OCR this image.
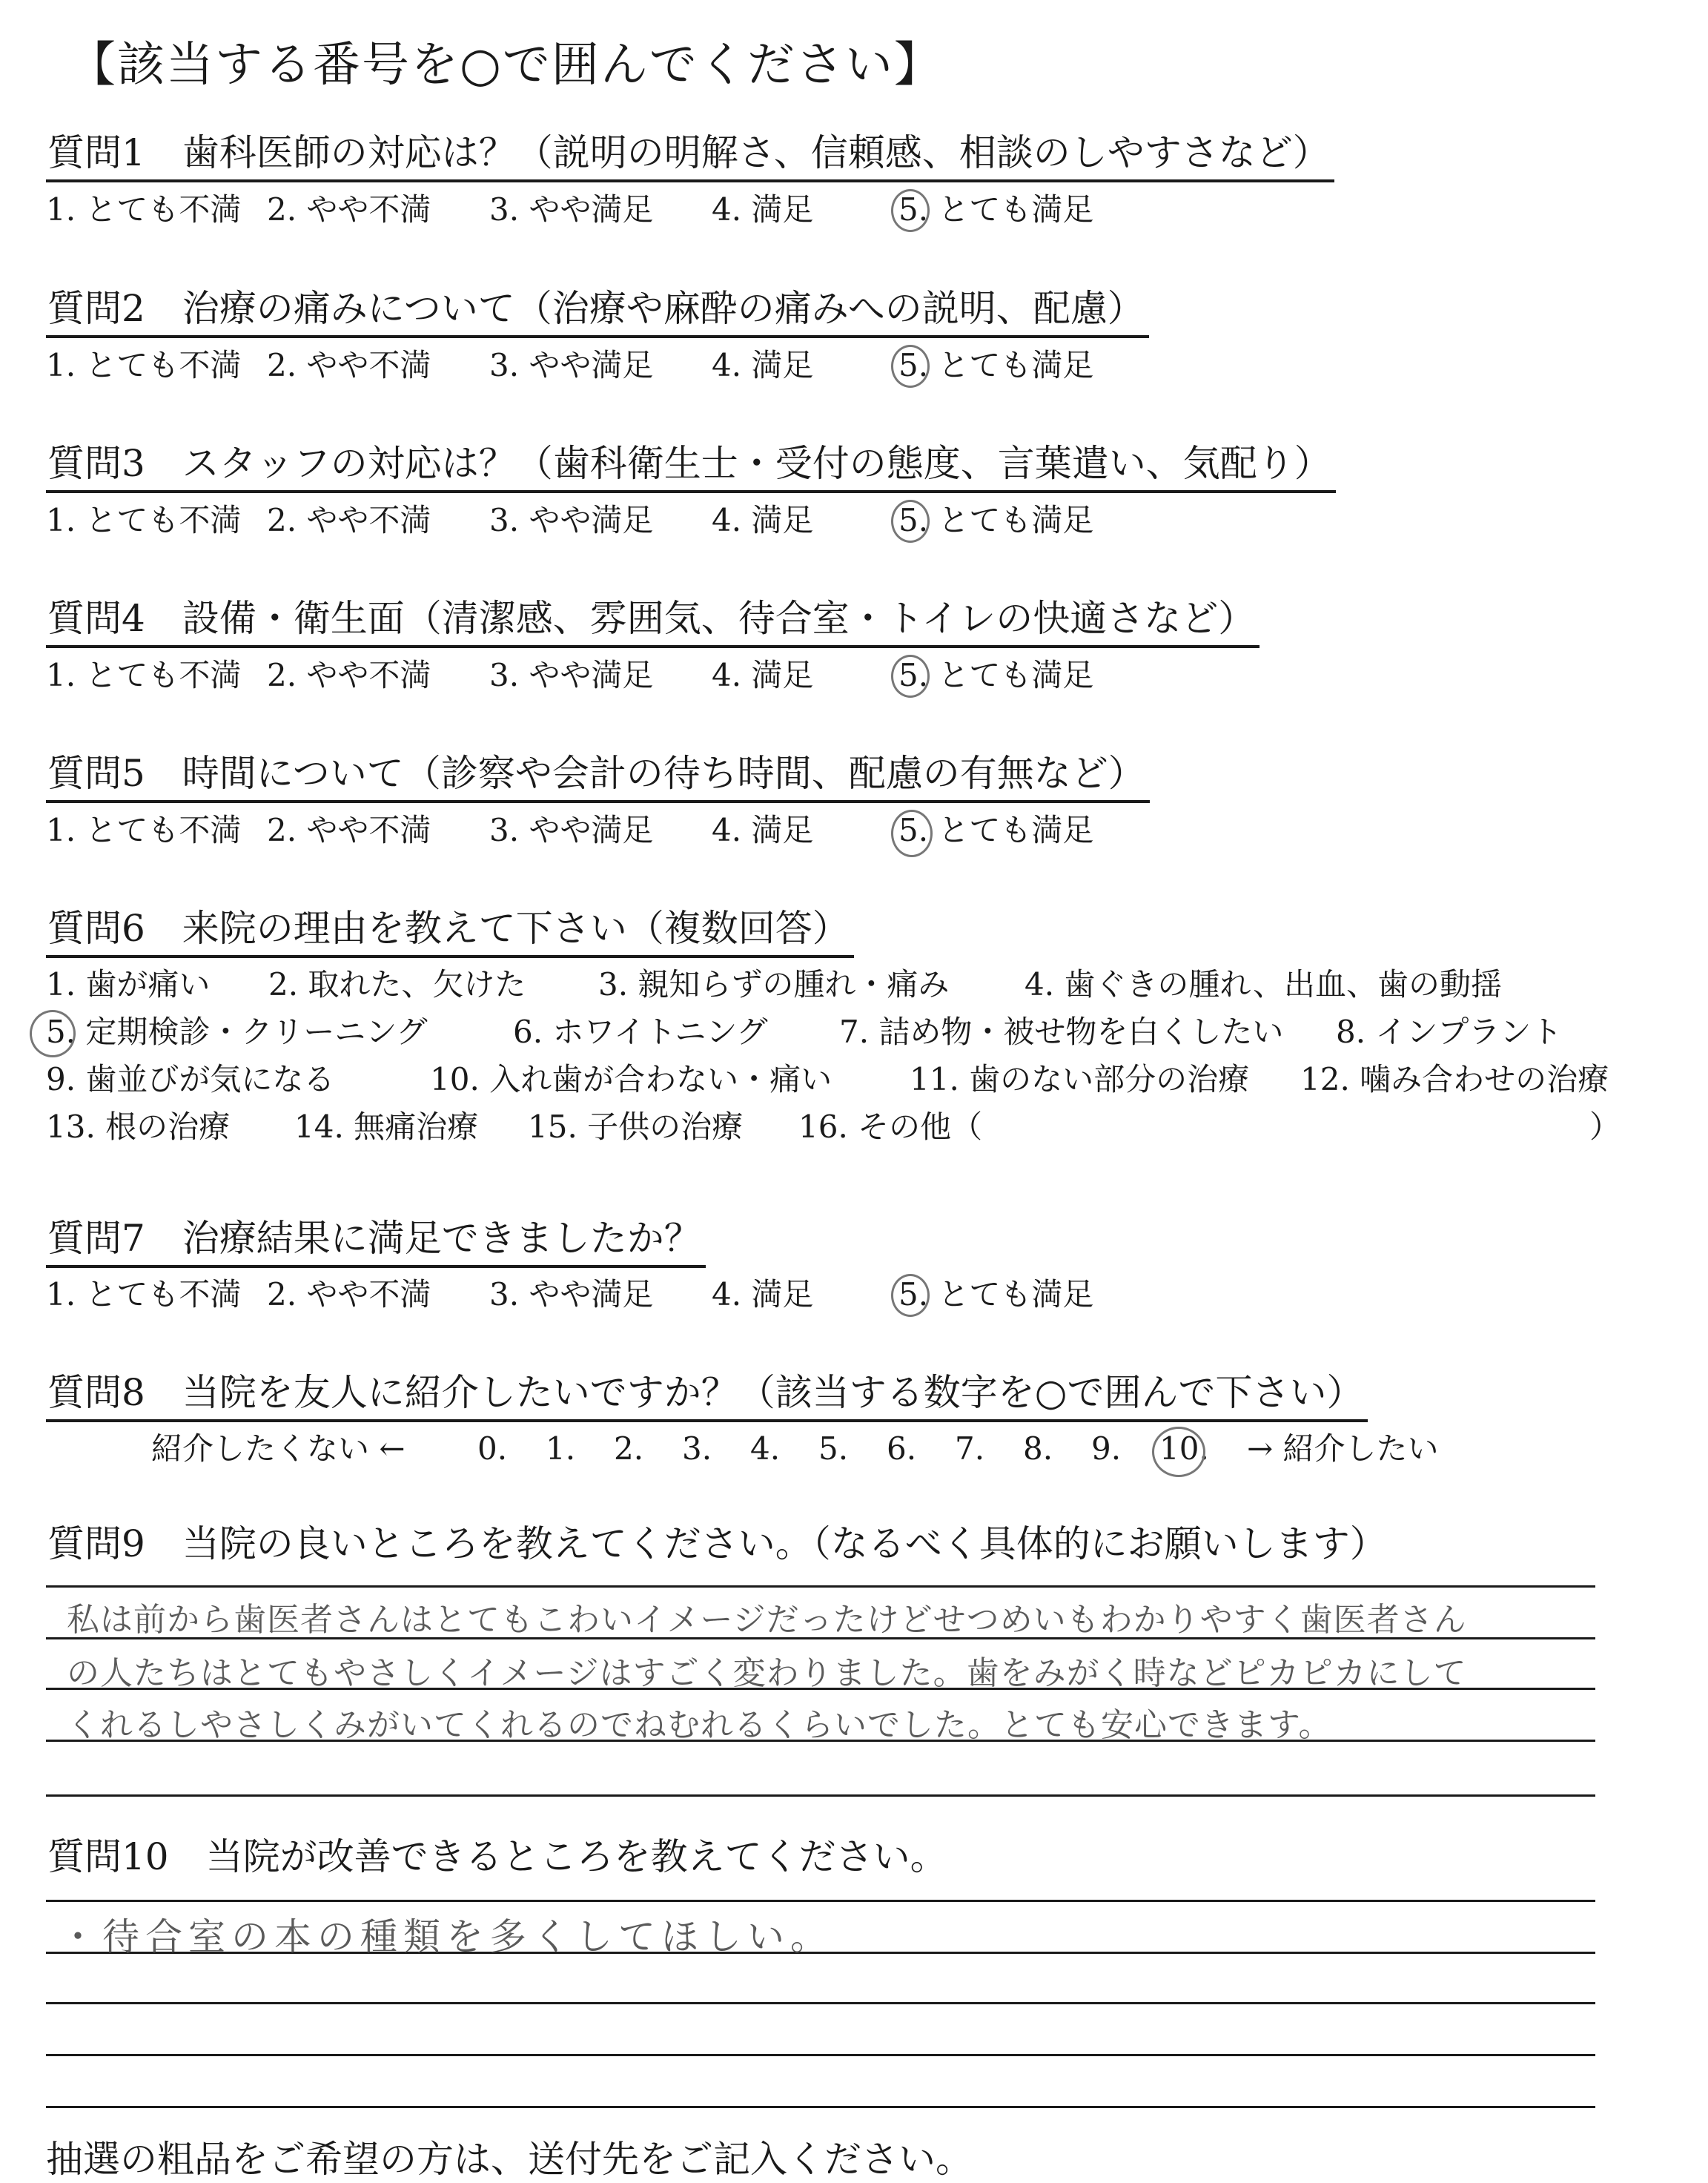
【該当する番号を○で囲んでください】
質問1　歯科医師の対応は？（説明の明解さ、信頼感、相談のしやすさなど）
1. とても不満 2. やや不満 3. やや満足 4. 満足	5. とても満足
質問2　治療の痛みについて（治療や麻酔の痛みへの説明、配慮）
1. とても不満 2. やや不満 3. やや満足 4. 満足	5. とても満足
質問3　スタッフの対応は？（歯科衛生士・受付の態度、言葉遣い、気配り）
1. とても不満 2. やや不満 3. やや満足 4. 満足	5. とても満足
質問4　設備・衛生面（清潔感、雰囲気、待合室・トイレの快適さなど）
1. とても不満 2. やや不満 3. やや満足 4. 満足	5. とても満足
質問5　時間について（診察や会計の待ち時間、配慮の有無など）
1. とても不満 2. やや不満 3. やや満足 4. 満足	5. とても満足
質問6　来院の理由を教えて下さい（複数回答）
1. 歯が痛い 2. 取れた、欠けた 3. 親知らずの腫れ・痛み 4. 歯ぐきの腫れ、出血、歯の動揺
5. 定期検診・クリーニング	6. ホワイトニング 7. 詰め物・被せ物を白くしたい 8. インプラント
9. 歯並びが気になる	10. 入れ歯が合わない・痛い 11. 歯のない部分の治療 12. 噛み合わせの治療
13. 根の治療 14. 無痛治療 15. 子供の治療 16. その他（	）
質問7　治療結果に満足できましたか？
1. とても不満 2. やや不満 3. やや満足 4. 満足	5. とても満足
質問8　当院を友人に紹介したいですか？（該当する数字を○で囲んで下さい）
紹介したくない ← 0. 1. 2. 3. 4. 5. 6. 7. 8. 9. 10. → 紹介したい
質問9　当院の良いところを教えてください。（なるべく具体的にお願いします）
私は前から歯医者さんはとてもこわいイメージだったけどせつめいもわかりやすく歯医者さん
の人たちはとてもやさしくイメージはすごく変わりました。歯をみがく時などピカピカにして
くれるしやさしくみがいてくれるのでねむれるくらいでした。とても安心できます。
質問10　当院が改善できるところを教えてください。
・待合室の本の種類を多くしてほしい。
抽選の粗品をご希望の方は、送付先をご記入ください。
